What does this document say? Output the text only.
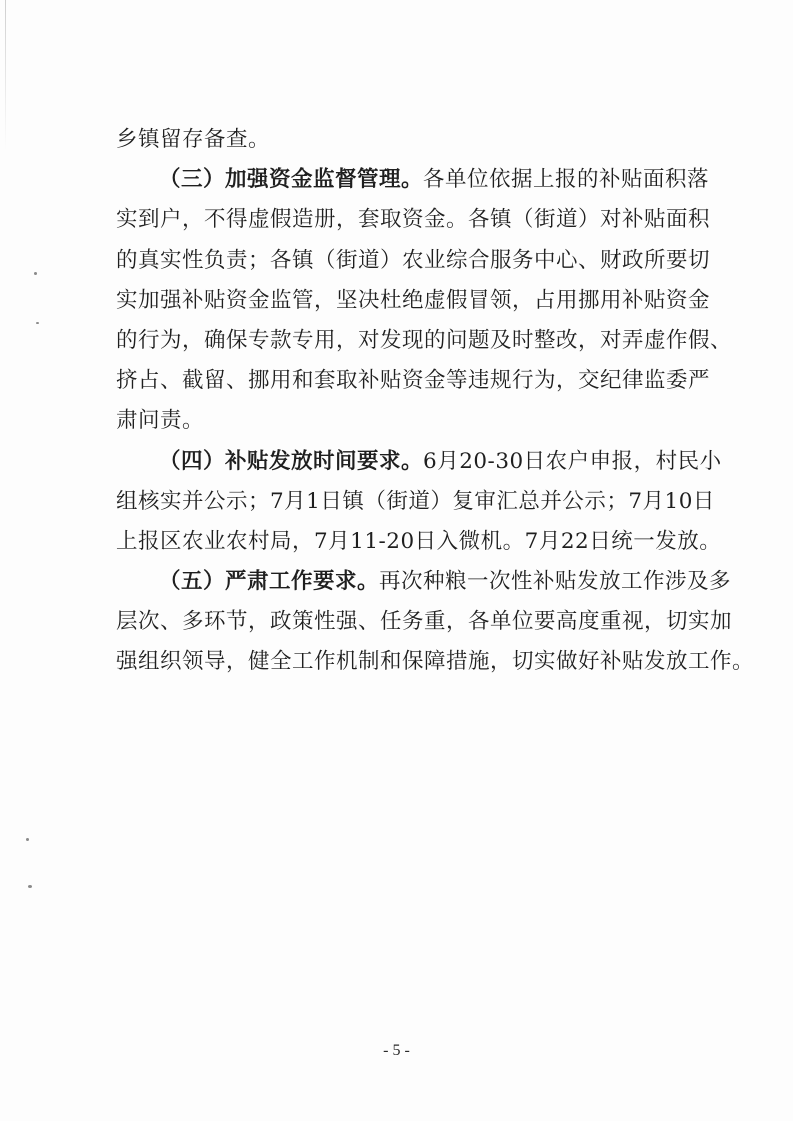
乡镇留存备查。
（三）加强资金监督管理。各单位依据上报的补贴面积落
实到户，不得虚假造册，套取资金。各镇（街道）对补贴面积
的真实性负责；各镇（街道）农业综合服务中心、财政所要切
实加强补贴资金监管，坚决杜绝虚假冒领，占用挪用补贴资金
的行为，确保专款专用，对发现的问题及时整改，对弄虚作假、
挤占、截留、挪用和套取补贴资金等违规行为，交纪律监委严
肃问责。
（四）补贴发放时间要求。6月20-30日农户申报，村民小
组核实并公示；7月1日镇（街道）复审汇总并公示；7月10日
上报区农业农村局，7月11-20日入微机。7月22日统一发放。
（五）严肃工作要求。再次种粮一次性补贴发放工作涉及多
层次、多环节，政策性强、任务重，各单位要高度重视，切实加
强组织领导，健全工作机制和保障措施，切实做好补贴发放工作。
- 5 -
